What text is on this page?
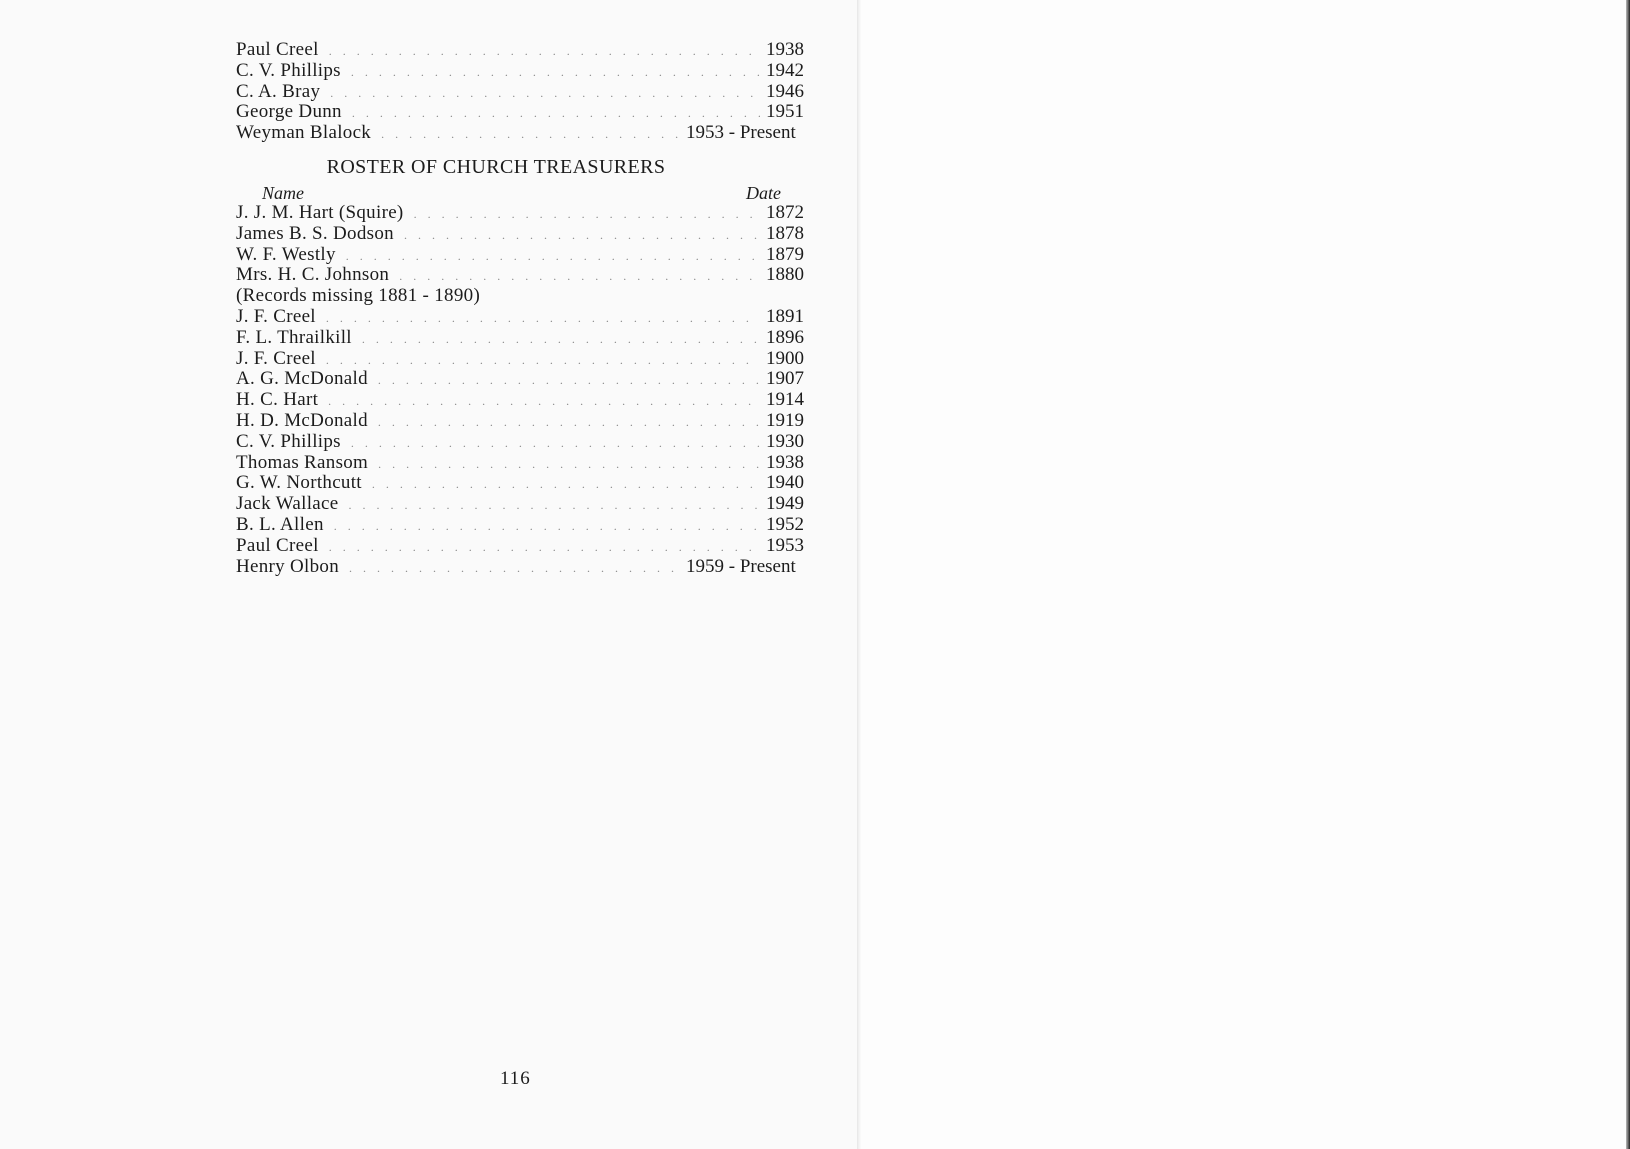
Paul Creel . . .	1938
C. V. Phillips . . .	1942
C. A. Bray . . .	1946
George Dunn . . .	1951
Weyman Blalock . . .	1953 - Present
ROSTER OF CHURCH TREASURERS
Name	Date
J. J. M. Hart (Squire) . . .	1872
James B. S. Dodson . . .	1878
W. F. Westly . . .	1879
Mrs. H. C. Johnson . . .	1880
(Records missing 1881 - 1890)
J. F. Creel . . .	1891
F. L. Thrailkill . . .	1896
J. F. Creel . . .	1900
A. G. McDonald . . .	1907
H. C. Hart . . .	1914
H. D. McDonald . . .	1919
C. V. Phillips . . .	1930
Thomas Ransom . . .	1938
G. W. Northcutt . . .	1940
Jack Wallace . . .	1949
B. L. Allen . . .	1952
Paul Creel . . .	1953
Henry Olbon . . .	1959 - Present
116
